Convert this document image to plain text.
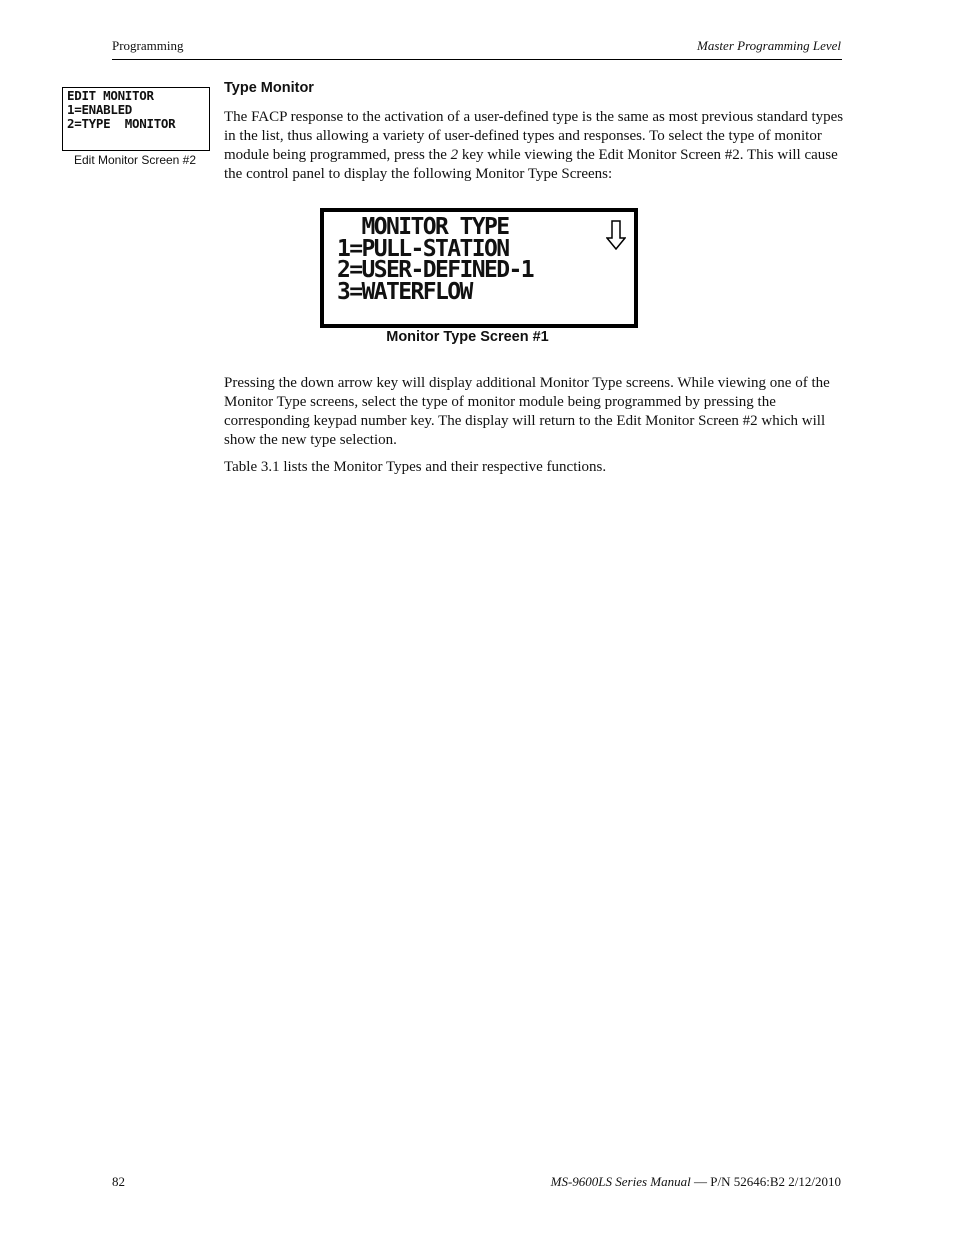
Programming	Master Programming Level
EDIT MONITOR
1=ENABLED
2=TYPE  MONITOR
Edit Monitor Screen #2
Type Monitor

The FACP response to the activation of a user-defined type is the same as most previous standard types in the list, thus allowing a variety of user-defined types and responses. To select the type of monitor module being programmed, press the 2 key while viewing the Edit Monitor Screen #2. This will cause the control panel to display the following Monitor Type Screens:

MONITOR TYPE
1=PULL-STATION
2=USER-DEFINED-1
3=WATERFLOW
Monitor Type Screen #1

Pressing the down arrow key will display additional Monitor Type screens. While viewing one of the Monitor Type screens, select the type of monitor module being programmed by pressing the corresponding keypad number key. The display will return to the Edit Monitor Screen #2 which will show the new type selection.

Table 3.1 lists the Monitor Types and their respective functions.

82	MS-9600LS Series Manual — P/N 52646:B2 2/12/2010
